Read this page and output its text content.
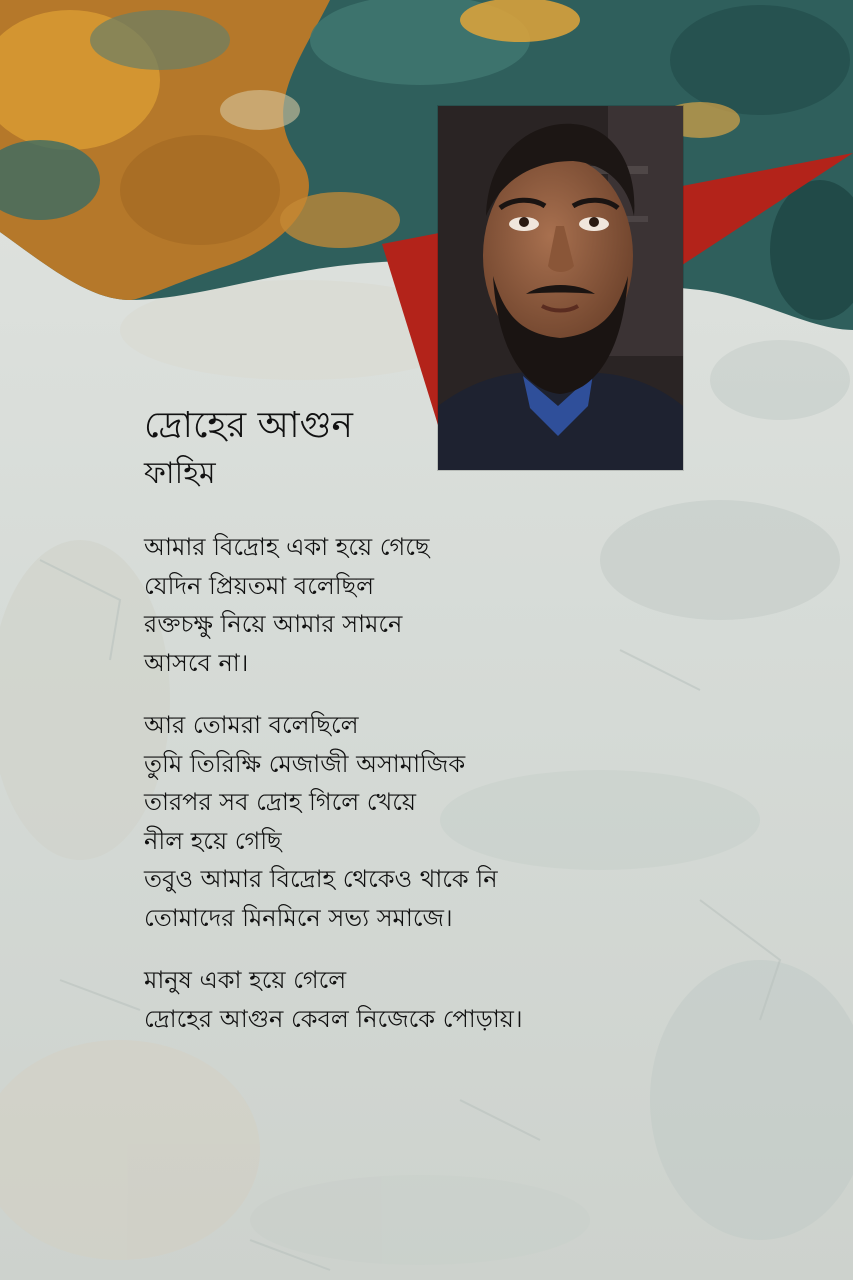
দ্রোহের আগুন
ফাহিম

আমার বিদ্রোহ একা হয়ে গেছে
যেদিন প্রিয়তমা বলেছিল
রক্তচক্ষু নিয়ে আমার সামনে
আসবে না।

আর তোমরা বলেছিলে
তুমি তিরিক্ষি মেজাজী অসামাজিক
তারপর সব দ্রোহ গিলে খেয়ে
নীল হয়ে গেছি
তবুও আমার বিদ্রোহ থেকেও থাকে নি
তোমাদের মিনমিনে সভ্য সমাজে।

মানুষ একা হয়ে গেলে
দ্রোহের আগুন কেবল নিজেকে পোড়ায়।
